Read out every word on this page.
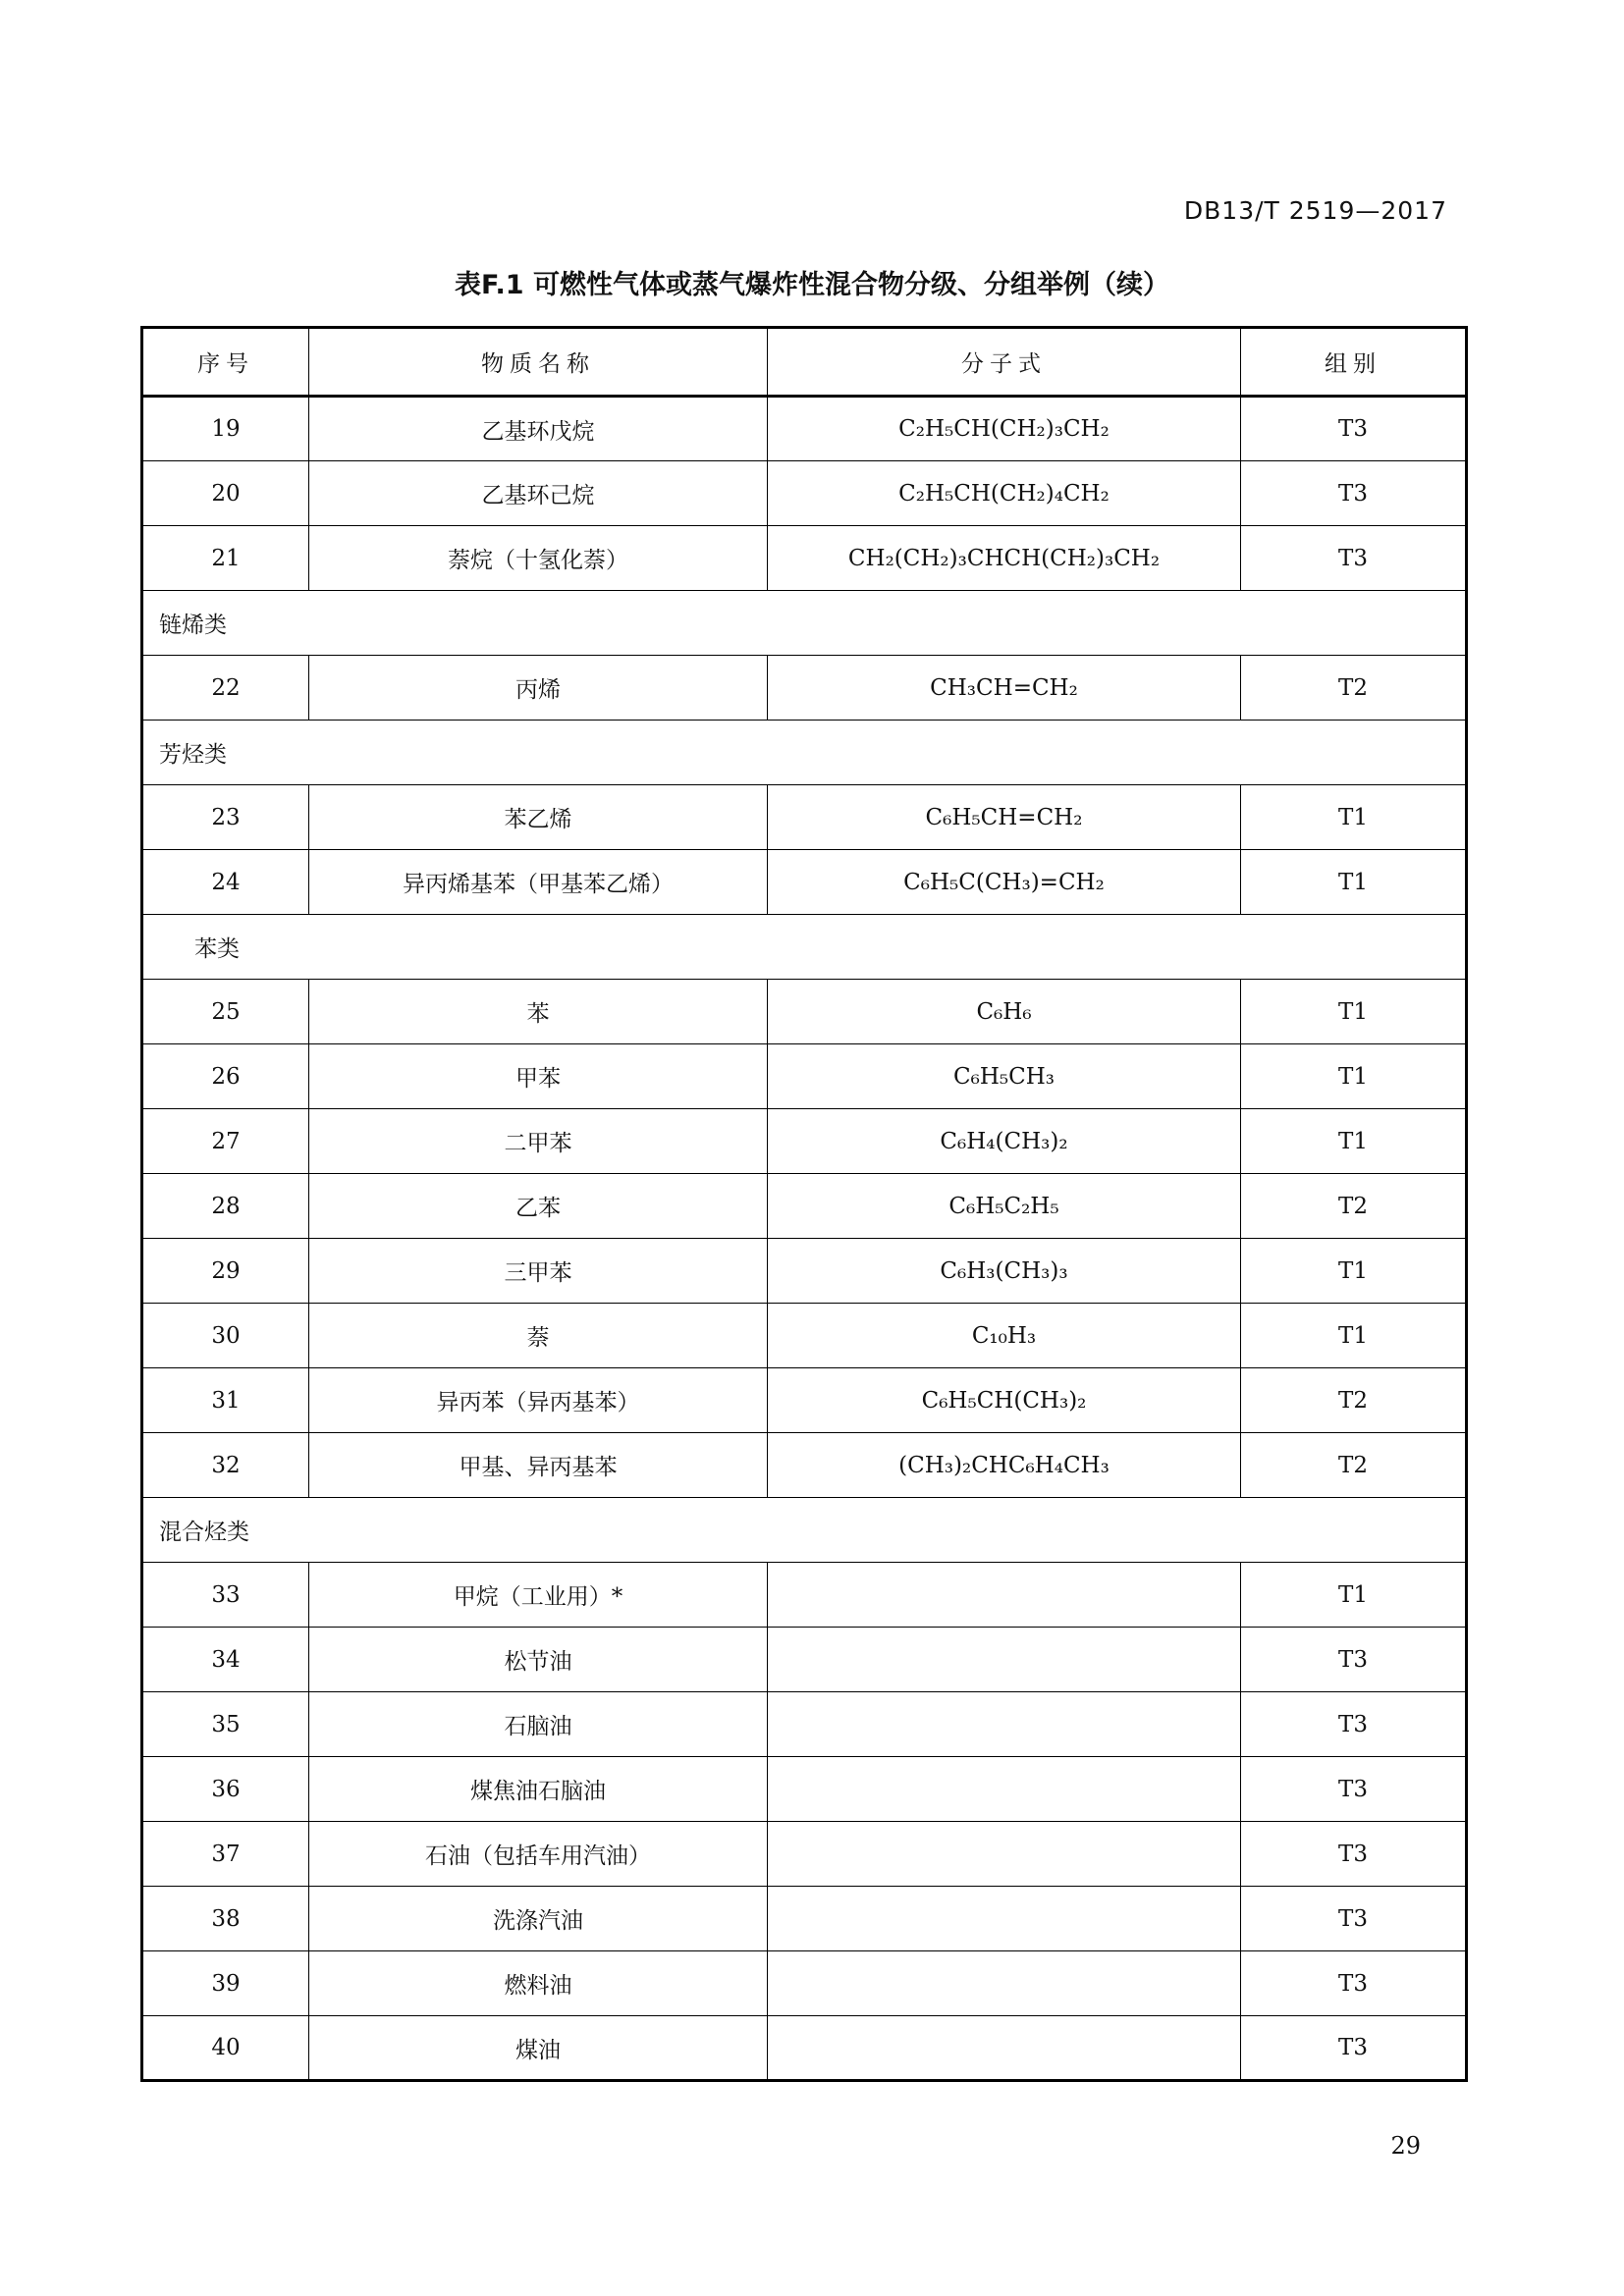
DB13/T 2519—2017
表F.1 可燃性气体或蒸气爆炸性混合物分级、分组举例（续）
序号	物质名称	分子式	组别
19	乙基环戊烷	C₂H₅CH(CH₂)₃CH₂	T3
20	乙基环己烷	C₂H₅CH(CH₂)₄CH₂	T3
21	萘烷（十氢化萘）	CH₂(CH₂)₃CHCH(CH₂)₃CH₂	T3
链烯类			
22	丙烯	CH₃CH=CH₂	T2
芳烃类			
23	苯乙烯	C₆H₅CH=CH₂	T1
24	异丙烯基苯（甲基苯乙烯）	C₆H₅C(CH₃)=CH₂	T1
苯类			
25	苯	C₆H₆	T1
26	甲苯	C₆H₅CH₃	T1
27	二甲苯	C₆H₄(CH₃)₂	T1
28	乙苯	C₆H₅C₂H₅	T2
29	三甲苯	C₆H₃(CH₃)₃	T1
30	萘	C₁₀H₃	T1
31	异丙苯（异丙基苯）	C₆H₅CH(CH₃)₂	T2
32	甲基、异丙基苯	(CH₃)₂CHC₆H₄CH₃	T2
混合烃类			
33	甲烷（工业用）*		T1
34	松节油		T3
35	石脑油		T3
36	煤焦油石脑油		T3
37	石油（包括车用汽油）		T3
38	洗涤汽油		T3
39	燃料油		T3
40	煤油		T3
29
